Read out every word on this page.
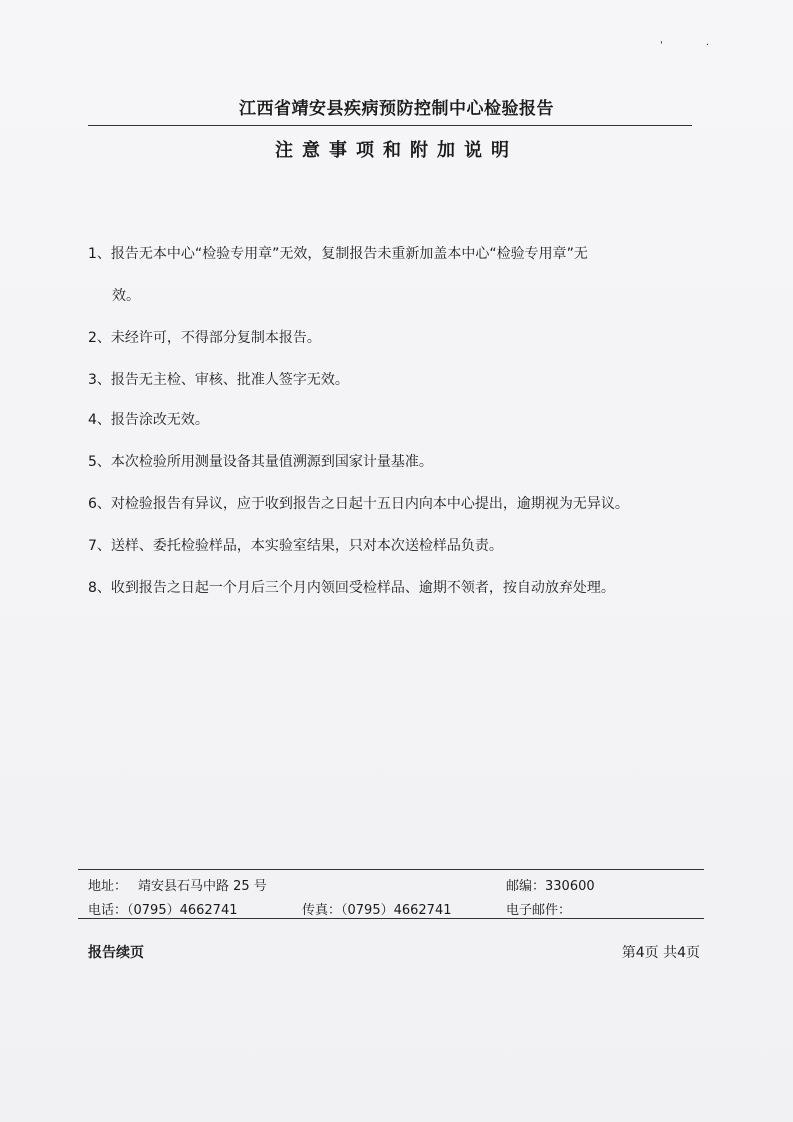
' ·
江西省靖安县疾病预防控制中心检验报告
注意事项和附加说明

1、报告无本中心“检验专用章”无效，复制报告未重新加盖本中心“检验专用章”无

效。

2、未经许可，不得部分复制本报告。

3、报告无主检、审核、批准人签字无效。

4、报告涂改无效。

5、本次检验所用测量设备其量值溯源到国家计量基准。

6、对检验报告有异议，应于收到报告之日起十五日内向本中心提出，逾期视为无异议。

7、送样、委托检验样品，本实验室结果，只对本次送检样品负责。

8、收到报告之日起一个月后三个月内领回受检样品、逾期不领者，按自动放弃处理。

地址： 靖安县石马中路 25 号	邮编：330600
电话：（0795）4662741	传真：（0795）4662741	电子邮件：
报告续页	第4页 共4页
